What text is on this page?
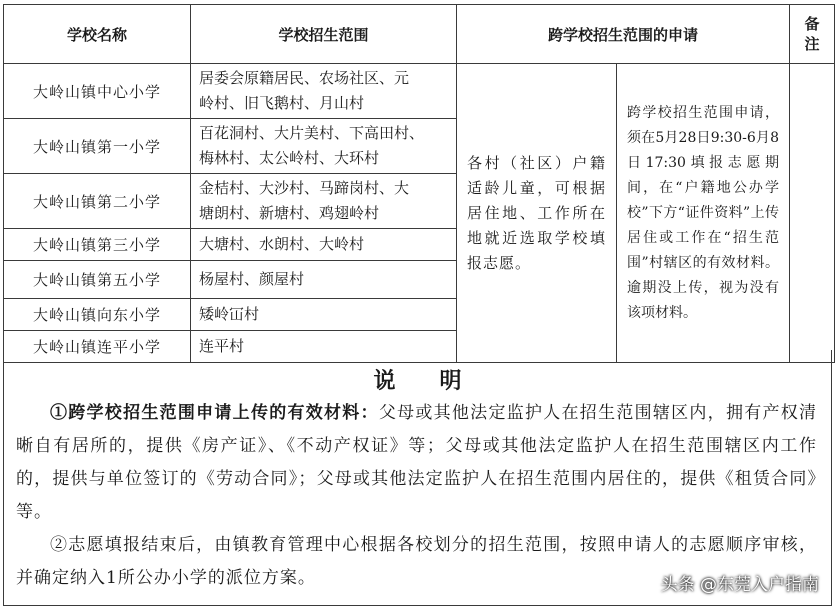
学校名称	学校招生范围	跨学校招生范围的申请		备
注

大岭山镇中心小学	居委会原籍居民、农场社区、元
岭村、旧飞鹅村、月山村	各村（社区）户籍适龄儿童，可根据居住地、工作所在地就近选取学校填报志愿。	跨学校招生范围申请，须在5月28日9:30-6月8日17:30填报志愿期间，在“户籍地公办学校”下方“证件资料”上传居住或工作在“招生范围”村辖区的有效材料。逾期没上传，视为没有该项材料。	
大岭山镇第一小学	百花洞村、大片美村、下高田村、
梅林村、太公岭村、大环村			

大岭山镇第二小学	金桔村、大沙村、马蹄岗村、大
塘朗村、新塘村、鸡翅岭村			

大岭山镇第三小学	大塘村、水朗村、大岭村			

大岭山镇第五小学	杨屋村、颜屋村			

大岭山镇向东小学	矮岭冚村			

大岭山镇连平小学	连平村			
说明

①跨学校招生范围申请上传的有效材料：父母或其他法定监护人在招生范围辖区内，拥有产权清晰自有居所的，提供《房产证》、《不动产权证》等；父母或其他法定监护人在招生范围辖区内工作的，提供与单位签订的《劳动合同》；父母或其他法定监护人在招生范围内居住的，提供《租赁合同》等。

②志愿填报结束后，由镇教育管理中心根据各校划分的招生范围，按照申请人的志愿顺序审核，并确定纳入1所公办小学的派位方案。	头条 @东莞入户指南
